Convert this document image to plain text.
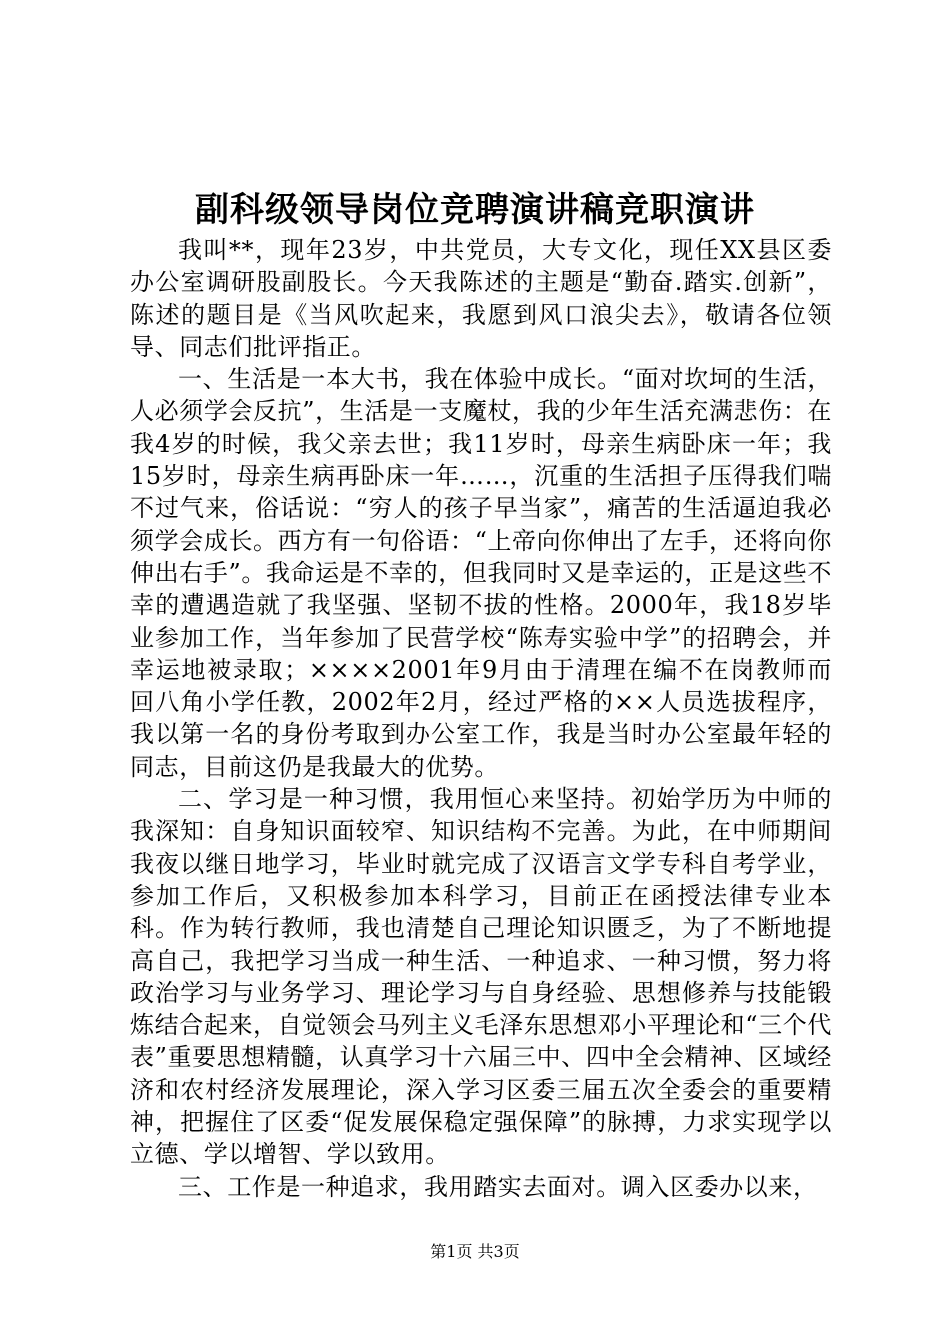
副科级领导岗位竞聘演讲稿竞职演讲

我叫**，现年23岁，中共党员，大专文化，现任XX县区委办公室调研股副股长。今天我陈述的主题是“勤奋.踏实.创新”，陈述的题目是《当风吹起来，我愿到风口浪尖去》，敬请各位领导、同志们批评指正。

一、生活是一本大书，我在体验中成长。“面对坎坷的生活，人必须学会反抗”，生活是一支魔杖，我的少年生活充满悲伤：在我4岁的时候，我父亲去世；我11岁时，母亲生病卧床一年；我15岁时，母亲生病再卧床一年……，沉重的生活担子压得我们喘不过气来，俗话说：“穷人的孩子早当家”，痛苦的生活逼迫我必须学会成长。西方有一句俗语：“上帝向你伸出了左手，还将向你伸出右手”。我命运是不幸的，但我同时又是幸运的，正是这些不幸的遭遇造就了我坚强、坚韧不拔的性格。2000年，我18岁毕业参加工作，当年参加了民营学校“陈寿实验中学”的招聘会，并幸运地被录取；××××2001年9月由于清理在编不在岗教师而回八角小学任教，2002年2月，经过严格的××人员选拔程序，我以第一名的身份考取到办公室工作，我是当时办公室最年轻的同志，目前这仍是我最大的优势。

二、学习是一种习惯，我用恒心来坚持。初始学历为中师的我深知：自身知识面较窄、知识结构不完善。为此，在中师期间我夜以继日地学习，毕业时就完成了汉语言文学专科自考学业，参加工作后，又积极参加本科学习，目前正在函授法律专业本科。作为转行教师，我也清楚自己理论知识匮乏，为了不断地提高自己，我把学习当成一种生活、一种追求、一种习惯，努力将政治学习与业务学习、理论学习与自身经验、思想修养与技能锻炼结合起来，自觉领会马列主义毛泽东思想邓小平理论和“三个代表”重要思想精髓，认真学习十六届三中、四中全会精神、区域经济和农村经济发展理论，深入学习区委三届五次全委会的重要精神，把握住了区委“促发展保稳定强保障”的脉搏，力求实现学以立德、学以增智、学以致用。

三、工作是一种追求，我用踏实去面对。调入区委办以来，

第1页 共3页
